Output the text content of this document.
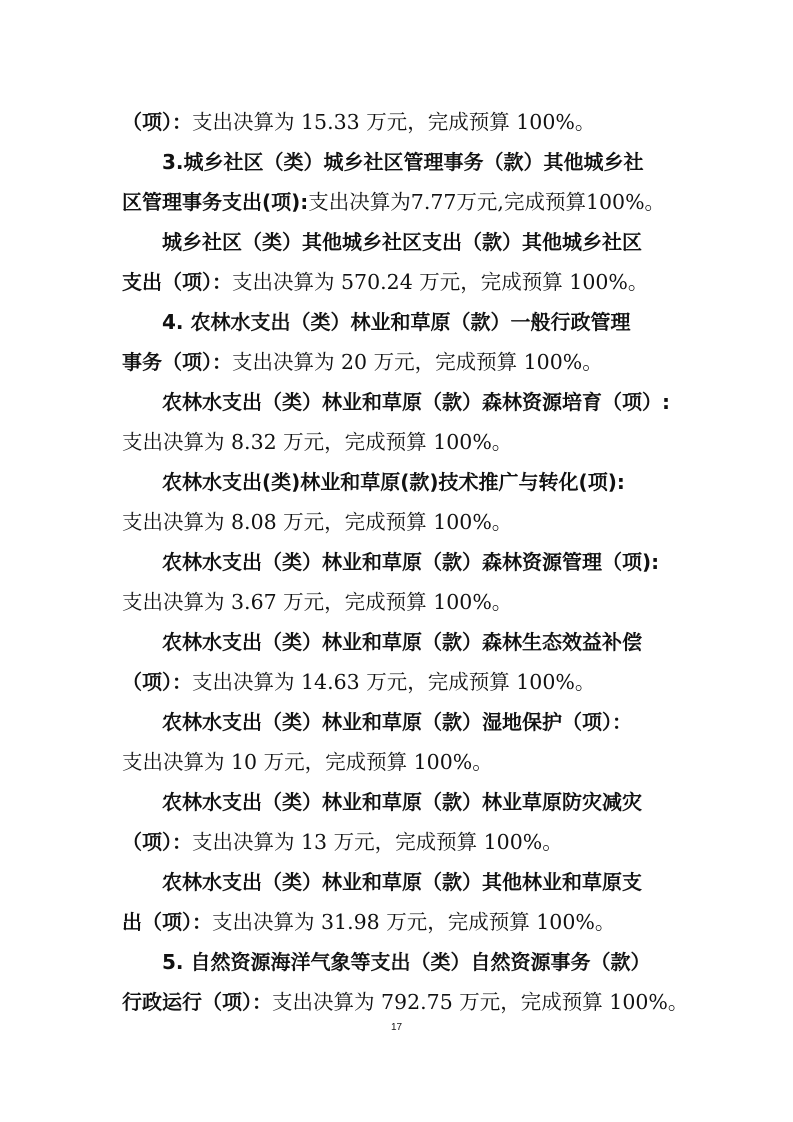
（项）：支出决算为 15.33 万元，完成预算 100%。
3.城乡社区（类）城乡社区管理事务（款）其他城乡社
区管理事务支出(项):支出决算为7.77万元,完成预算100%。
城乡社区（类）其他城乡社区支出（款）其他城乡社区
支出（项）：支出决算为 570.24 万元，完成预算 100%。
4. 农林水支出（类）林业和草原（款）一般行政管理
事务（项）：支出决算为 20 万元，完成预算 100%。
农林水支出（类）林业和草原（款）森林资源培育（项）:
支出决算为 8.32 万元，完成预算 100%。
农林水支出(类)林业和草原(款)技术推广与转化(项):
支出决算为 8.08 万元，完成预算 100%。
农林水支出（类）林业和草原（款）森林资源管理（项):
支出决算为 3.67 万元，完成预算 100%。
农林水支出（类）林业和草原（款）森林生态效益补偿
（项）：支出决算为 14.63 万元，完成预算 100%。
农林水支出（类）林业和草原（款）湿地保护（项）：
支出决算为 10 万元，完成预算 100%。
农林水支出（类）林业和草原（款）林业草原防灾减灾
（项）：支出决算为 13 万元，完成预算 100%。
农林水支出（类）林业和草原（款）其他林业和草原支
出（项）：支出决算为 31.98 万元，完成预算 100%。
5. 自然资源海洋气象等支出（类）自然资源事务（款）
行政运行（项）：支出决算为 792.75 万元，完成预算 100%。
17
